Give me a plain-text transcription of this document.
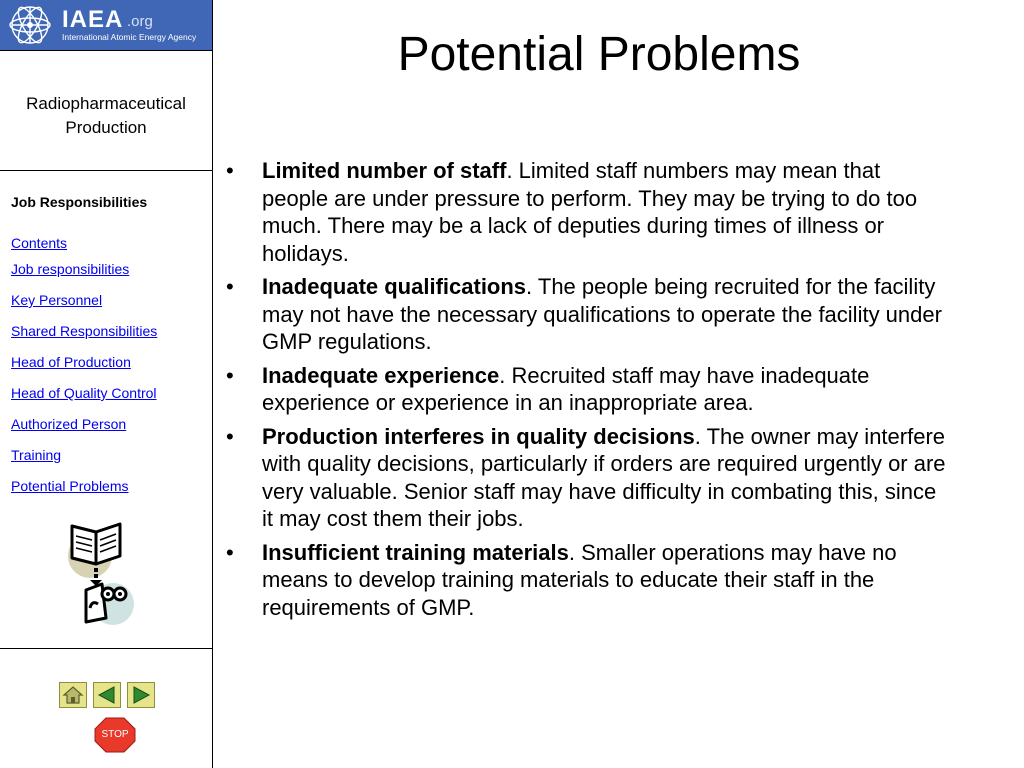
IAEA .org
International Atomic Energy Agency
Radiopharmaceutical Production
Job Responsibilities
Contents
Job responsibilities
Key Personnel
Shared Responsibilities
Head of Production
Head of Quality Control
Authorized Person
Training
Potential Problems
STOP
Potential Problems
• Limited number of staff. Limited staff numbers may mean that people are under pressure to perform. They may be trying to do too much. There may be a lack of deputies during times of illness or holidays.
• Inadequate qualifications. The people being recruited for the facility may not have the necessary qualifications to operate the facility under GMP regulations.
• Inadequate experience. Recruited staff may have inadequate experience or experience in an inappropriate area.
• Production interferes in quality decisions. The owner may interfere with quality decisions, particularly if orders are required urgently or are very valuable. Senior staff may have difficulty in combating this, since it may cost them their jobs.
• Insufficient training materials. Smaller operations may have no means to develop training materials to educate their staff in the requirements of GMP.
